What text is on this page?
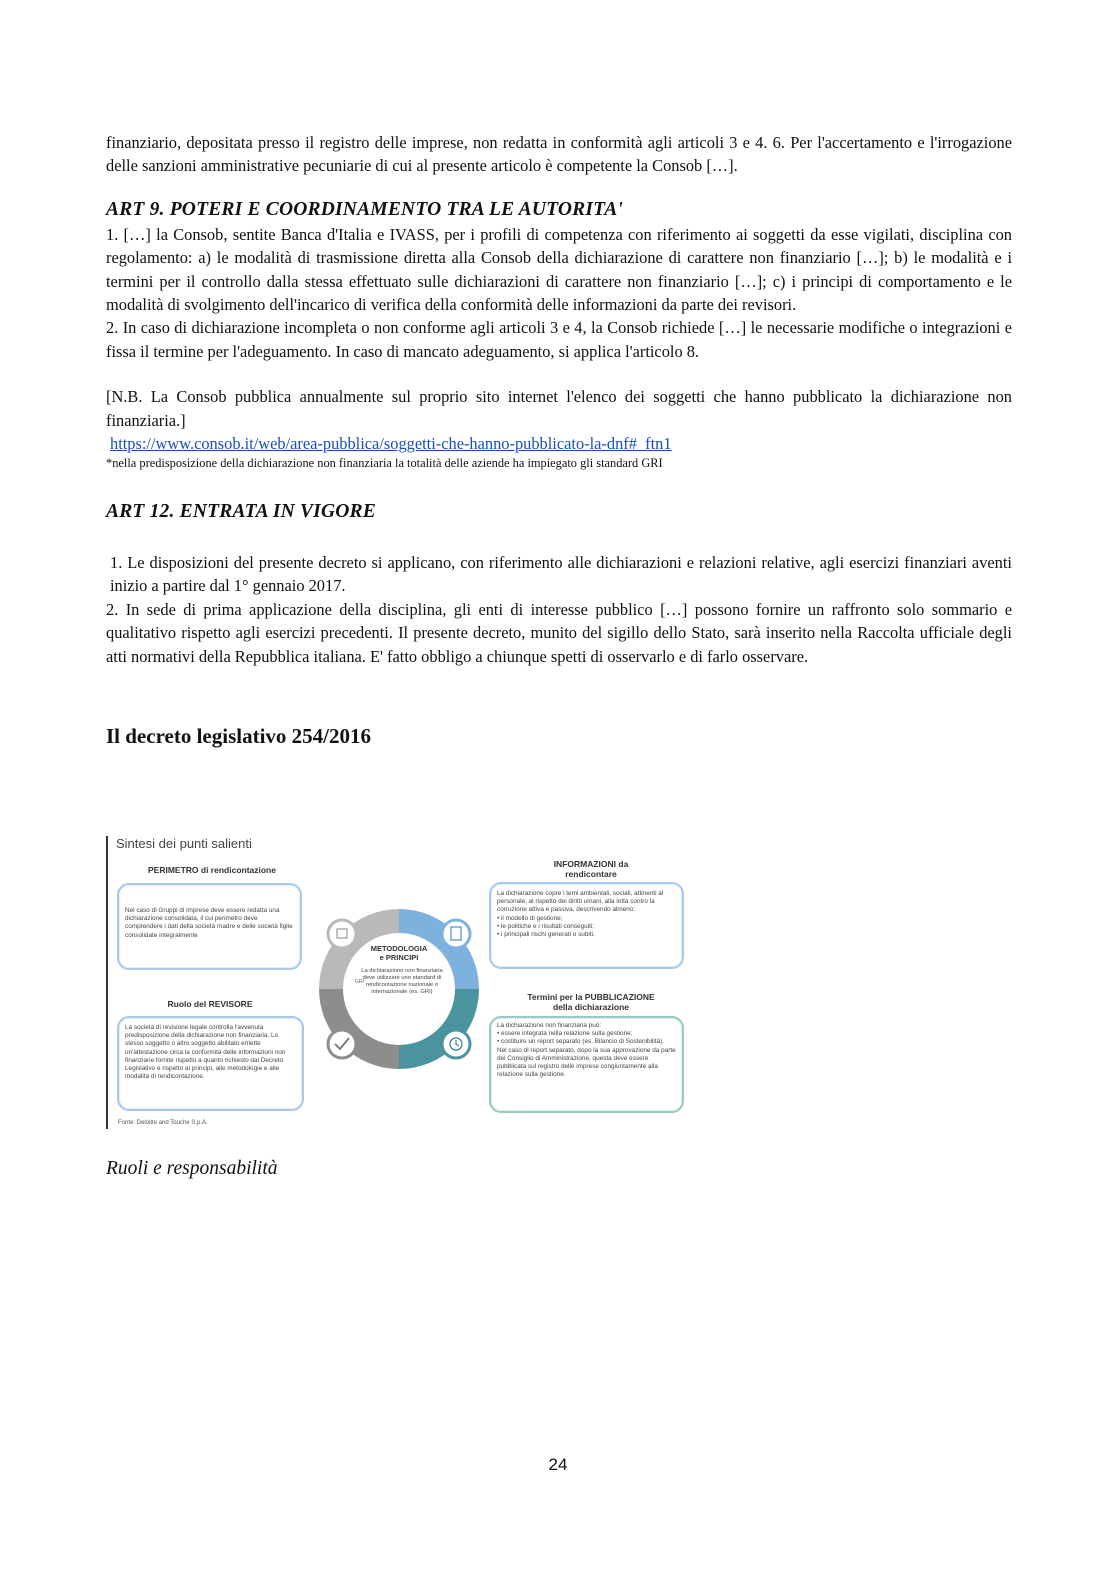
finanziario, depositata presso il registro delle imprese, non redatta in conformità agli articoli 3 e 4. 6. Per l'accertamento e l'irrogazione delle sanzioni amministrative pecuniarie di cui al presente articolo è competente la Consob […].

ART 9. POTERI E COORDINAMENTO TRA LE AUTORITA'

1. […] la Consob, sentite Banca d'Italia e IVASS, per i profili di competenza con riferimento ai soggetti da esse vigilati, disciplina con regolamento: a) le modalità di trasmissione diretta alla Consob della dichiarazione di carattere non finanziario […]; b) le modalità e i termini per il controllo dalla stessa effettuato sulle dichiarazioni di carattere non finanziario […]; c) i principi di comportamento e le modalità di svolgimento dell'incarico di verifica della conformità delle informazioni da parte dei revisori.

2. In caso di dichiarazione incompleta o non conforme agli articoli 3 e 4, la Consob richiede […] le necessarie modifiche o integrazioni e fissa il termine per l'adeguamento. In caso di mancato adeguamento, si applica l'articolo 8.

[N.B. La Consob pubblica annualmente sul proprio sito internet l'elenco dei soggetti che hanno pubblicato la dichiarazione non finanziaria.]

https://www.consob.it/web/area-pubblica/soggetti-che-hanno-pubblicato-la-dnf#_ftn1
*nella predisposizione della dichiarazione non finanziaria la totalità delle aziende ha impiegato gli standard GRI
ART 12. ENTRATA IN VIGORE

1. Le disposizioni del presente decreto si applicano, con riferimento alle dichiarazioni e relazioni relative, agli esercizi finanziari aventi inizio a partire dal 1° gennaio 2017.

2. In sede di prima applicazione della disciplina, gli enti di interesse pubblico […] possono fornire un raffronto solo sommario e qualitativo rispetto agli esercizi precedenti. Il presente decreto, munito del sigillo dello Stato, sarà inserito nella Raccolta ufficiale degli atti normativi della Repubblica italiana. E' fatto obbligo a chiunque spetti di osservarlo e di farlo osservare.

Il decreto legislativo 254/2016
Sintesi dei punti salienti
PERIMETRO di rendicontazione
Nel caso di Gruppi di imprese deve essere redatta una dichiarazione consolidata, il cui perimetro deve comprendere i dati della società madre e delle società figlie consolidate integralmente
Ruolo del REVISORE
La società di revisione legale controlla l'avvenuta predisposizione della dichiarazione non finanziaria. Lo stesso soggetto o altro soggetto abilitato emette un'attestazione circa la conformità delle informazioni non finanziarie fornite rispetto a quanto richiesto dal Decreto Legislativo e rispetto ai principi, alle metodologie e alle modalità di rendicontazione.
INFORMAZIONI da
rendicontare
La dichiarazione copre i temi ambientali, sociali, attinenti al personale, al rispetto dei diritti umani, alla lotta contro la corruzione attiva e passiva, descrivendo almeno:
• il modello di gestione;
• le politiche e i risultati conseguiti;
• i principali rischi generati o subiti.
Termini per la PUBBLICAZIONE
della dichiarazione
La dichiarazione non finanziaria può:
• essere integrata nella relazione sulla gestione;
• costituire un report separato (es. Bilancio di Sostenibilità).
Nel caso di report separato, dopo la sua approvazione da parte del Consiglio di Amministrazione, questa deve essere pubblicata sul registro delle imprese congiuntamente alla relazione sulla gestione.
METODOLOGIA
e PRINCIPI
La dichiarazione non finanziaria deve utilizzare uno standard di rendicontazione nazionale o internazionale (es. GRI)
GRI
Fonte: Deloitte and Touche S.p.A.
Ruoli e responsabilità
24
